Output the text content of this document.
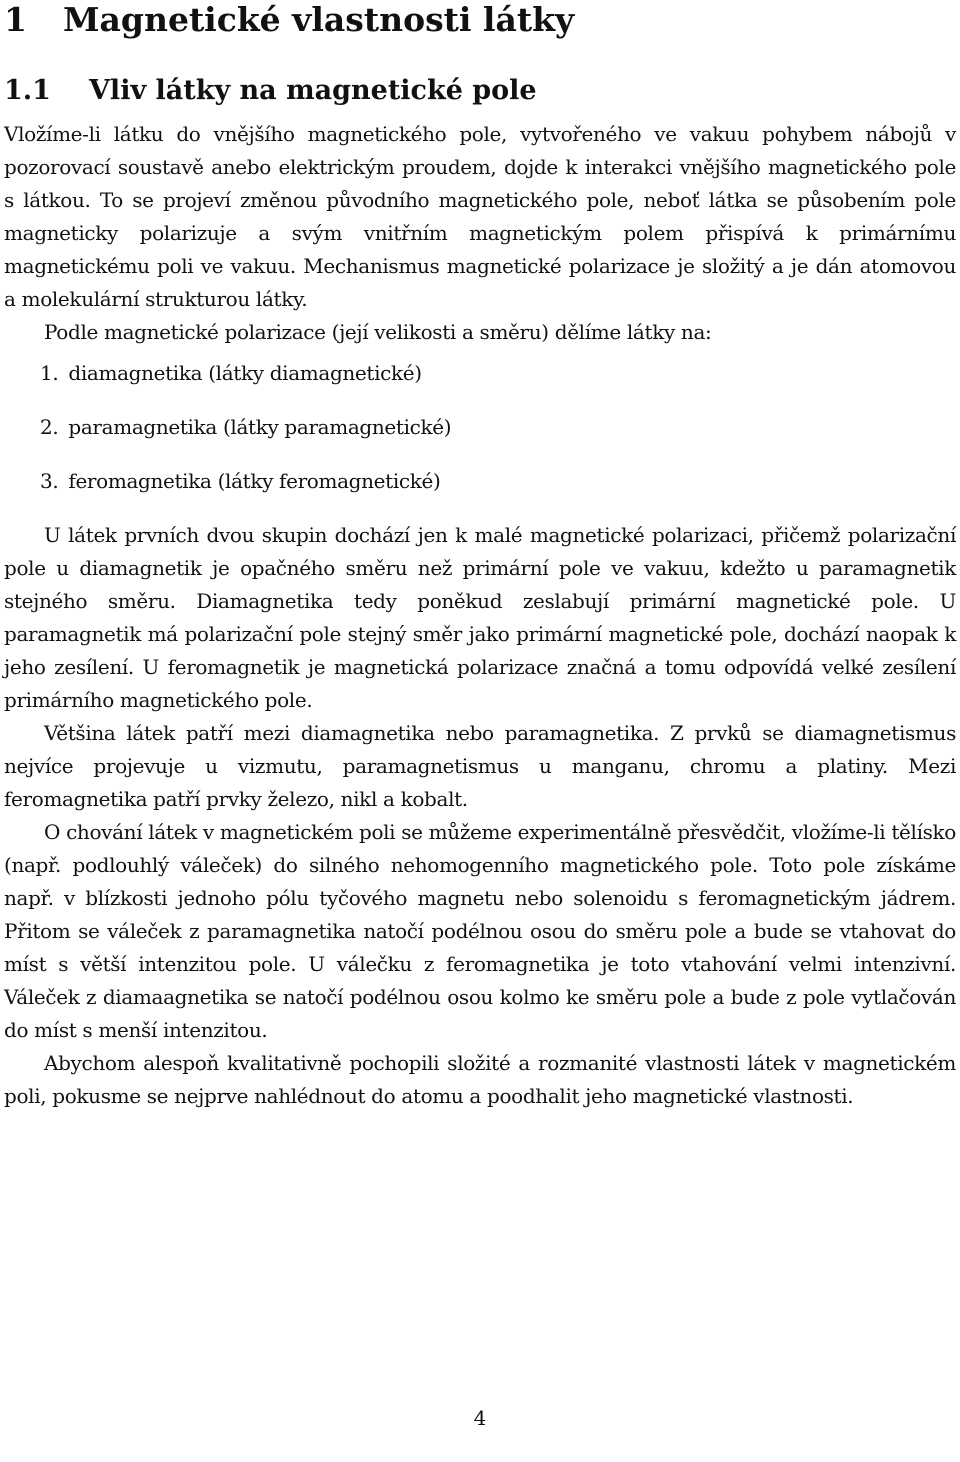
1 Magnetické vlastnosti látky
1.1 Vliv látky na magnetické pole

Vložíme-li látku do vnějšího magnetického pole, vytvořeného ve vakuu pohybem nábojů v pozorovací soustavě anebo elektrickým proudem, dojde k interakci vnějšího magnetického pole s látkou. To se projeví změnou původního magnetického pole, neboť látka se působením pole magneticky polarizuje a svým vnitřním magnetickým polem přispívá k primárnímu magnetickému poli ve vakuu. Mechanismus magnetické polarizace je složitý a je dán atomovou a molekulární strukturou látky.

Podle magnetické polarizace (její velikosti a směru) dělíme látky na:

1. diamagnetika (látky diamagnetické)
2. paramagnetika (látky paramagnetické)
3. feromagnetika (látky feromagnetické)

U látek prvních dvou skupin dochází jen k malé magnetické polarizaci, přičemž polarizační pole u diamagnetik je opačného směru než primární pole ve vakuu, kdežto u paramagnetik stejného směru. Diamagnetika tedy poněkud zeslabují primární magnetické pole. U paramagnetik má polarizační pole stejný směr jako primární magnetické pole, dochází naopak k jeho zesílení. U feromagnetik je magnetická polarizace značná a tomu odpovídá velké zesílení primárního magnetického pole.

Většina látek patří mezi diamagnetika nebo paramagnetika. Z prvků se diamagnetismus nejvíce projevuje u vizmutu, paramagnetismus u manganu, chromu a platiny. Mezi feromagnetika patří prvky železo, nikl a kobalt.

O chování látek v magnetickém poli se můžeme experimentálně přesvědčit, vložíme-li tělísko (např. podlouhlý váleček) do silného nehomogenního magnetického pole. Toto pole získáme např. v blízkosti jednoho pólu tyčového magnetu nebo solenoidu s feromagnetickým jádrem. Přitom se váleček z paramagnetika natočí podélnou osou do směru pole a bude se vtahovat do míst s větší intenzitou pole. U válečku z feromagnetika je toto vtahování velmi intenzivní. Váleček z diamaagnetika se natočí podélnou osou kolmo ke směru pole a bude z pole vytlačován do míst s menší intenzitou.

Abychom alespoň kvalitativně pochopili složité a rozmanité vlastnosti látek v magnetickém poli, pokusme se nejprve nahlédnout do atomu a poodhalit jeho magnetické vlastnosti.

4
